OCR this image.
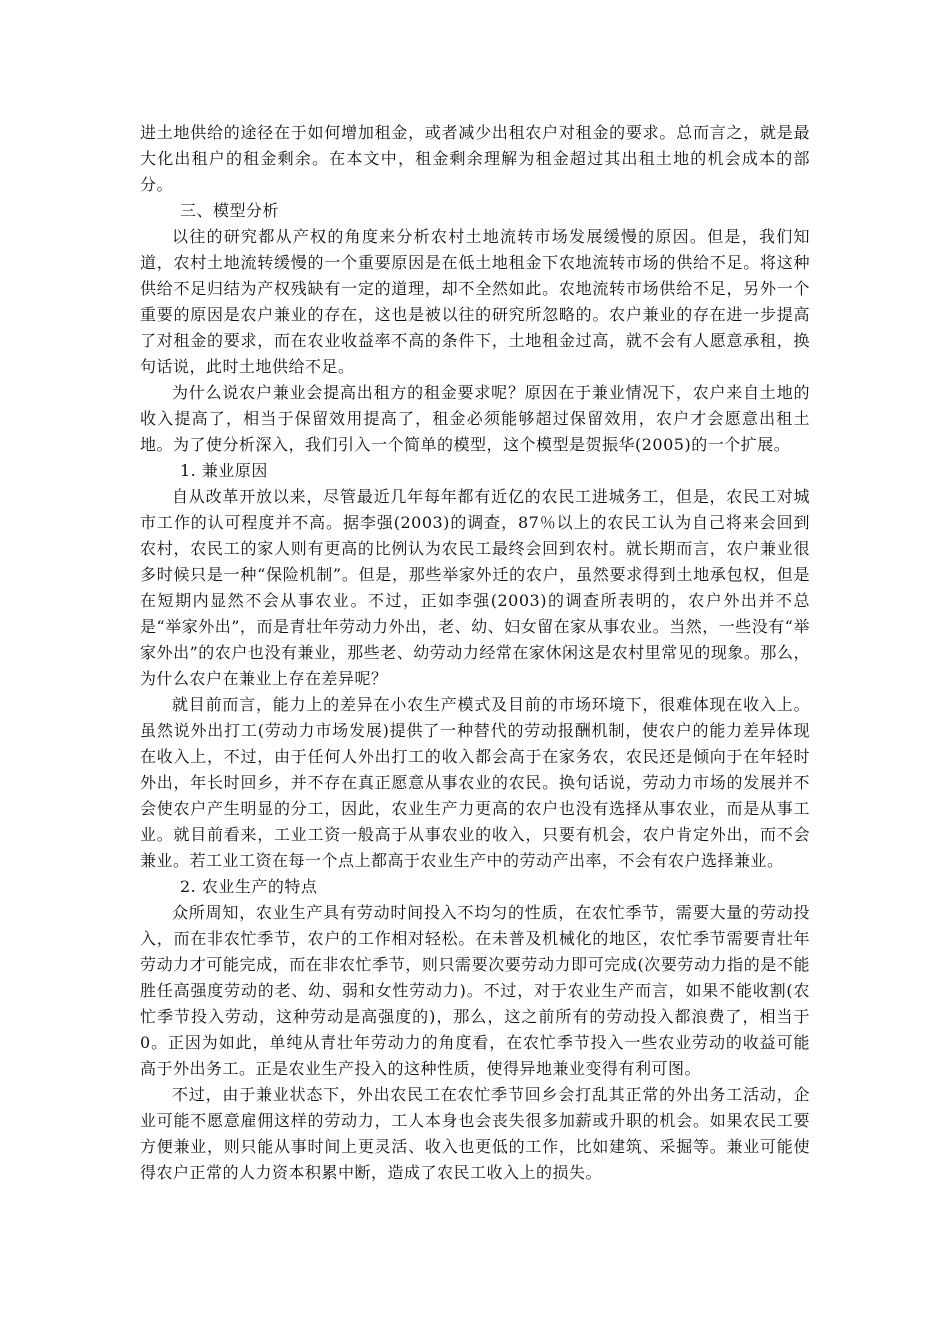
进土地供给的途径在于如何增加租金，或者减少出租农户对租金的要求。总而言之，就是最大化出租户的租金剩余。在本文中，租金剩余理解为租金超过其出租土地的机会成本的部分。

三、模型分析

以往的研究都从产权的角度来分析农村土地流转市场发展缓慢的原因。但是，我们知道，农村土地流转缓慢的一个重要原因是在低土地租金下农地流转市场的供给不足。将这种供给不足归结为产权残缺有一定的道理，却不全然如此。农地流转市场供给不足，另外一个重要的原因是农户兼业的存在，这也是被以往的研究所忽略的。农户兼业的存在进一步提高了对租金的要求，而在农业收益率不高的条件下，土地租金过高，就不会有人愿意承租，换句话说，此时土地供给不足。

为什么说农户兼业会提高出租方的租金要求呢？原因在于兼业情况下，农户来自土地的收入提高了，相当于保留效用提高了，租金必须能够超过保留效用，农户才会愿意出租土地。为了使分析深入，我们引入一个简单的模型，这个模型是贺振华(2005)的一个扩展。

1. 兼业原因

自从改革开放以来，尽管最近几年每年都有近亿的农民工进城务工，但是，农民工对城市工作的认可程度并不高。据李强(2003)的调查，87％以上的农民工认为自己将来会回到农村，农民工的家人则有更高的比例认为农民工最终会回到农村。就长期而言，农户兼业很多时候只是一种“保险机制”。但是，那些举家外迁的农户，虽然要求得到土地承包权，但是在短期内显然不会从事农业。不过，正如李强(2003)的调查所表明的，农户外出并不总是“举家外出”，而是青壮年劳动力外出，老、幼、妇女留在家从事农业。当然，一些没有“举家外出”的农户也没有兼业，那些老、幼劳动力经常在家休闲这是农村里常见的现象。那么，为什么农户在兼业上存在差异呢？

就目前而言，能力上的差异在小农生产模式及目前的市场环境下，很难体现在收入上。虽然说外出打工(劳动力市场发展)提供了一种替代的劳动报酬机制，使农户的能力差异体现在收入上，不过，由于任何人外出打工的收入都会高于在家务农，农民还是倾向于在年轻时外出，年长时回乡，并不存在真正愿意从事农业的农民。换句话说，劳动力市场的发展并不会使农户产生明显的分工，因此，农业生产力更高的农户也没有选择从事农业，而是从事工业。就目前看来，工业工资一般高于从事农业的收入，只要有机会，农户肯定外出，而不会兼业。若工业工资在每一个点上都高于农业生产中的劳动产出率，不会有农户选择兼业。

2. 农业生产的特点

众所周知，农业生产具有劳动时间投入不均匀的性质，在农忙季节，需要大量的劳动投入，而在非农忙季节，农户的工作相对轻松。在未普及机械化的地区，农忙季节需要青壮年劳动力才可能完成，而在非农忙季节，则只需要次要劳动力即可完成(次要劳动力指的是不能胜任高强度劳动的老、幼、弱和女性劳动力)。不过，对于农业生产而言，如果不能收割(农忙季节投入劳动，这种劳动是高强度的)，那么，这之前所有的劳动投入都浪费了，相当于0。正因为如此，单纯从青壮年劳动力的角度看，在农忙季节投入一些农业劳动的收益可能高于外出务工。正是农业生产投入的这种性质，使得异地兼业变得有利可图。

不过，由于兼业状态下，外出农民工在农忙季节回乡会打乱其正常的外出务工活动，企业可能不愿意雇佣这样的劳动力，工人本身也会丧失很多加薪或升职的机会。如果农民工要方便兼业，则只能从事时间上更灵活、收入也更低的工作，比如建筑、采掘等。兼业可能使得农户正常的人力资本积累中断，造成了农民工收入上的损失。
